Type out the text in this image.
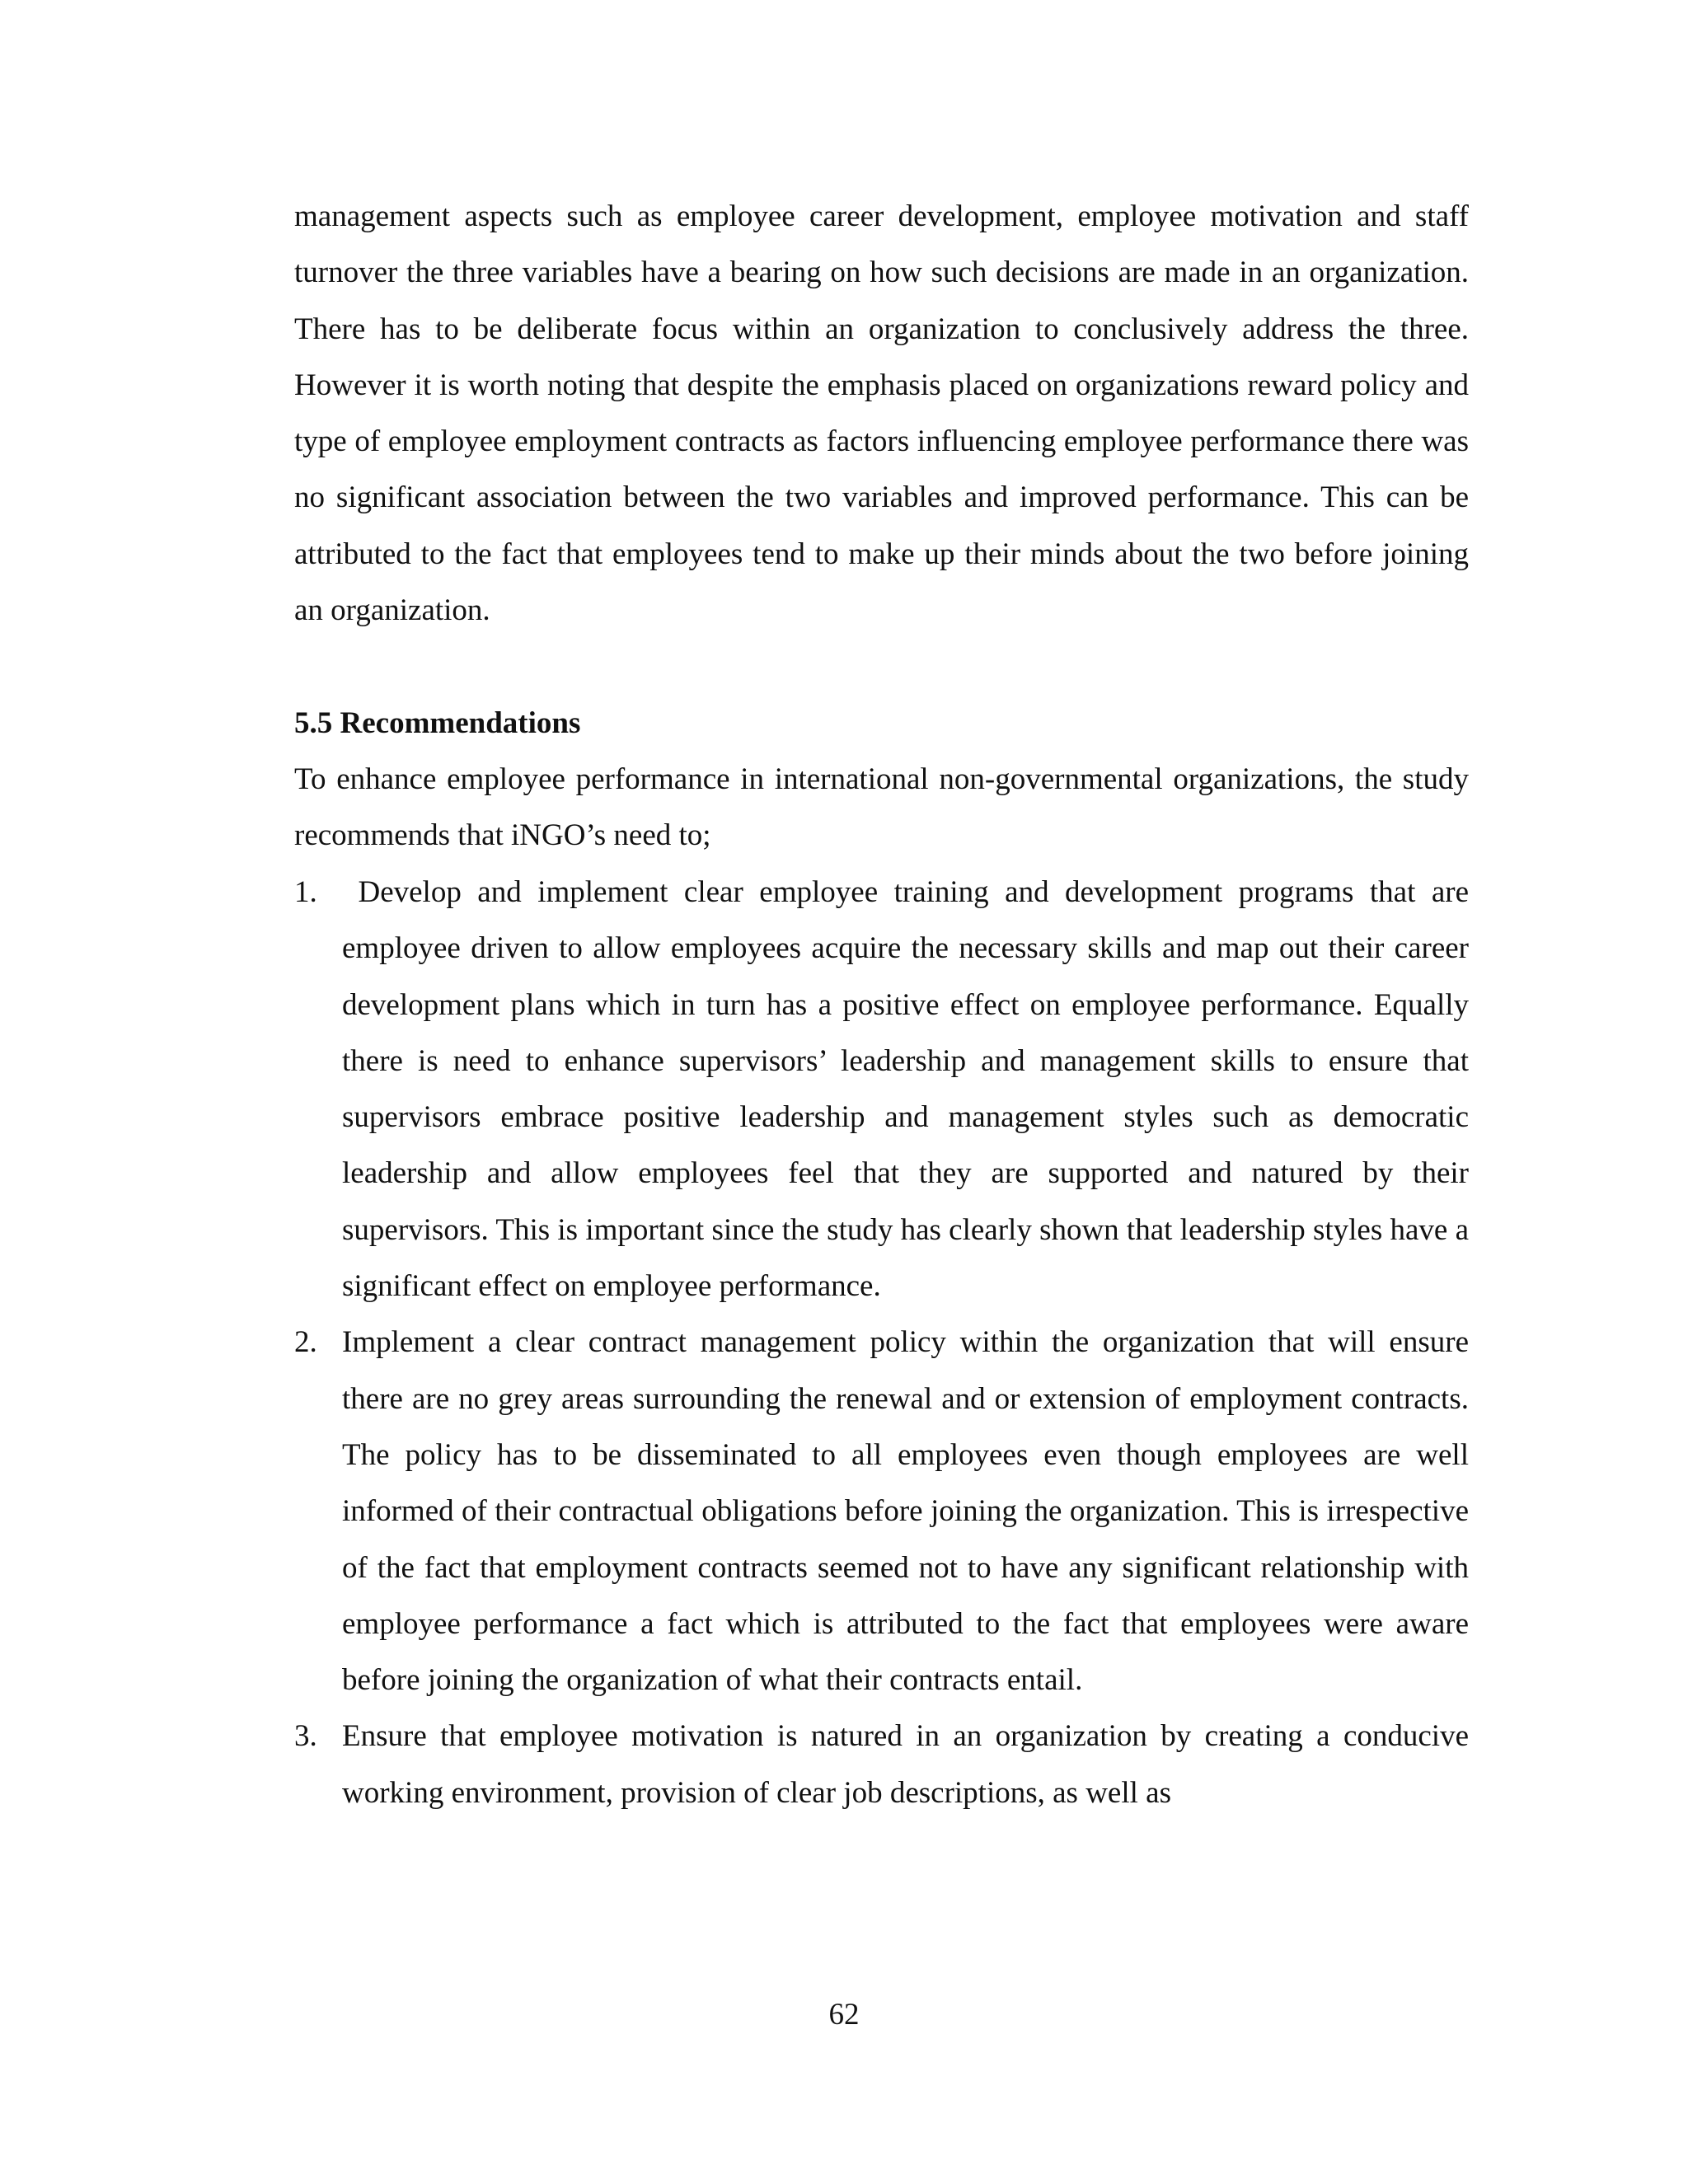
management aspects such as employee career development, employee motivation and staff turnover the three variables have a bearing on how such decisions are made in an organization. There has to be deliberate focus within an organization to conclusively address the three. However it is worth noting that despite the emphasis placed on organizations reward policy and type of employee employment contracts as factors influencing employee performance there was no significant association between the two variables and improved performance. This can be attributed to the fact that employees tend to make up their minds about the two before joining an organization.

5.5 Recommendations

To enhance employee performance in international non-governmental organizations, the study recommends that iNGO’s need to;

1. Develop and implement clear employee training and development programs that are employee driven to allow employees acquire the necessary skills and map out their career development plans which in turn has a positive effect on employee performance. Equally there is need to enhance supervisors’ leadership and management skills to ensure that supervisors embrace positive leadership and management styles such as democratic leadership and allow employees feel that they are supported and natured by their supervisors. This is important since the study has clearly shown that leadership styles have a significant effect on employee performance.
2. Implement a clear contract management policy within the organization that will ensure there are no grey areas surrounding the renewal and or extension of employment contracts. The policy has to be disseminated to all employees even though employees are well informed of their contractual obligations before joining the organization. This is irrespective of the fact that employment contracts seemed not to have any significant relationship with employee performance a fact which is attributed to the fact that employees were aware before joining the organization of what their contracts entail.
3. Ensure that employee motivation is natured in an organization by creating a conducive working environment, provision of clear job descriptions, as well as
62
